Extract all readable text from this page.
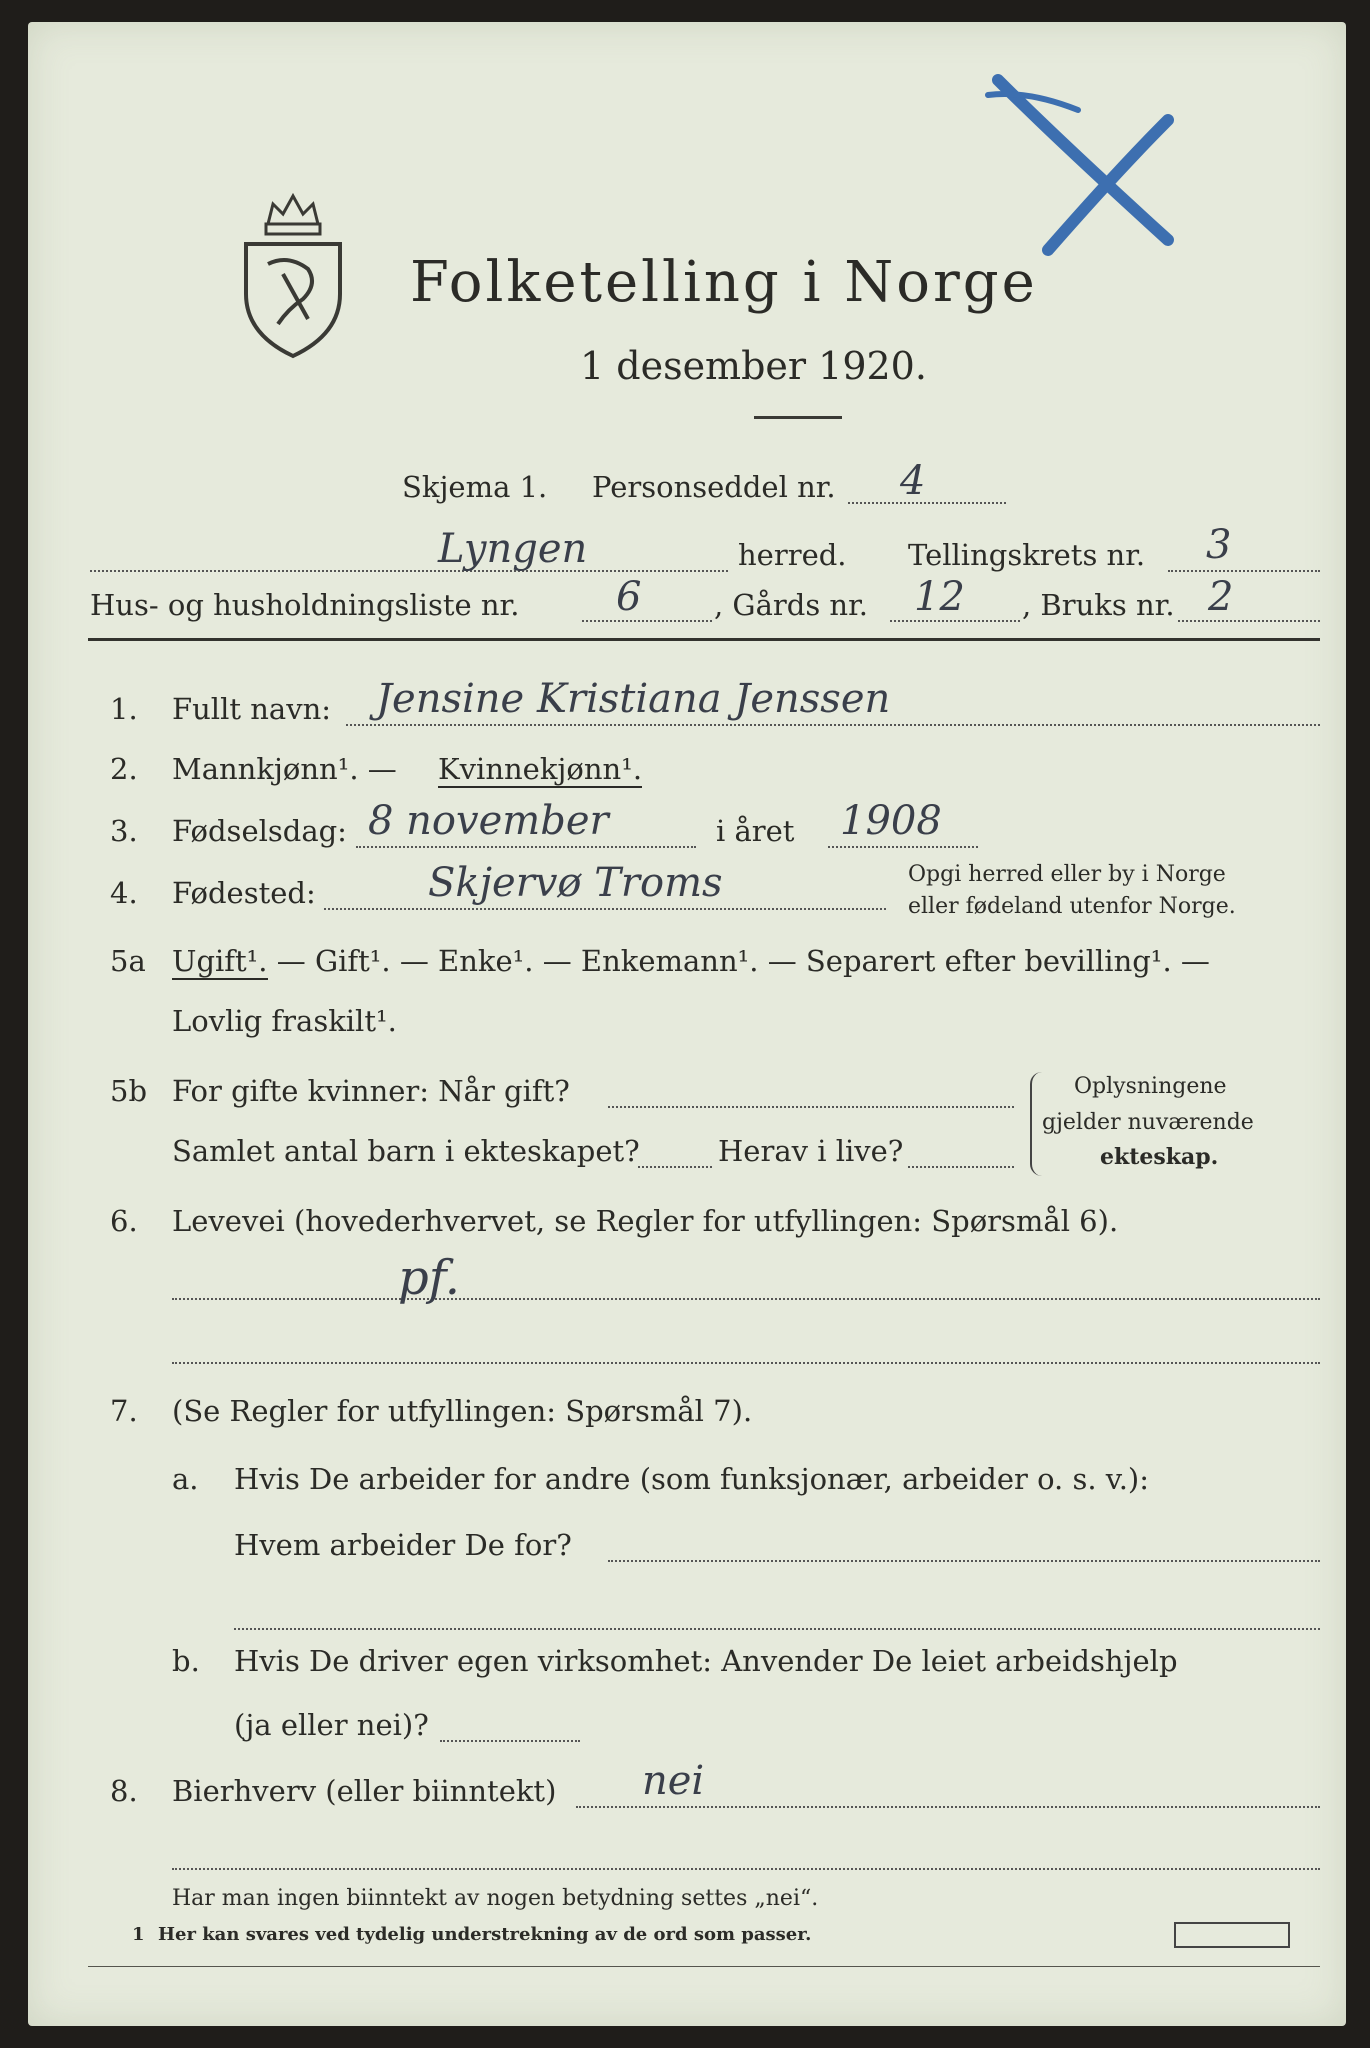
Folketelling i Norge
1 desember 1920.
Skjema 1. Personseddel nr. 4
Lyngen	herred. Tellingskrets nr. 3
Hus- og husholdningsliste nr. 6	, Gårds nr. 12 , Bruks nr. 2
1. Fullt navn: Jensine Kristiana Jenssen
2. Mannkjønn¹. — Kvinnekjønn¹.
3. Fødselsdag: 8 november	i året 1908
4. Fødested:	Skjervø Troms	Opgi herred eller by i Norge
eller fødeland utenfor Norge.
5a Ugift¹. — Gift¹. — Enke¹. — Enkemann¹. — Separert efter bevilling¹. —
Lovlig fraskilt¹.
5b For gifte kvinner: Når gift?
Samlet antal barn i ekteskapet?	Herav i live?
Oplysningene
gjelder nuværende
ekteskap.
6. Levevei (hovederhvervet, se Regler for utfyllingen: Spørsmål 6).
pf.
7. (Se Regler for utfyllingen: Spørsmål 7).
a. Hvis De arbeider for andre (som funksjonær, arbeider o. s. v.):
Hvem arbeider De for?
b. Hvis De driver egen virksomhet: Anvender De leiet arbeidshjelp
(ja eller nei)?
8. Bierhverv (eller biinntekt) nei
Har man ingen biinntekt av nogen betydning settes „nei“.
1 Her kan svares ved tydelig understrekning av de ord som passer.
